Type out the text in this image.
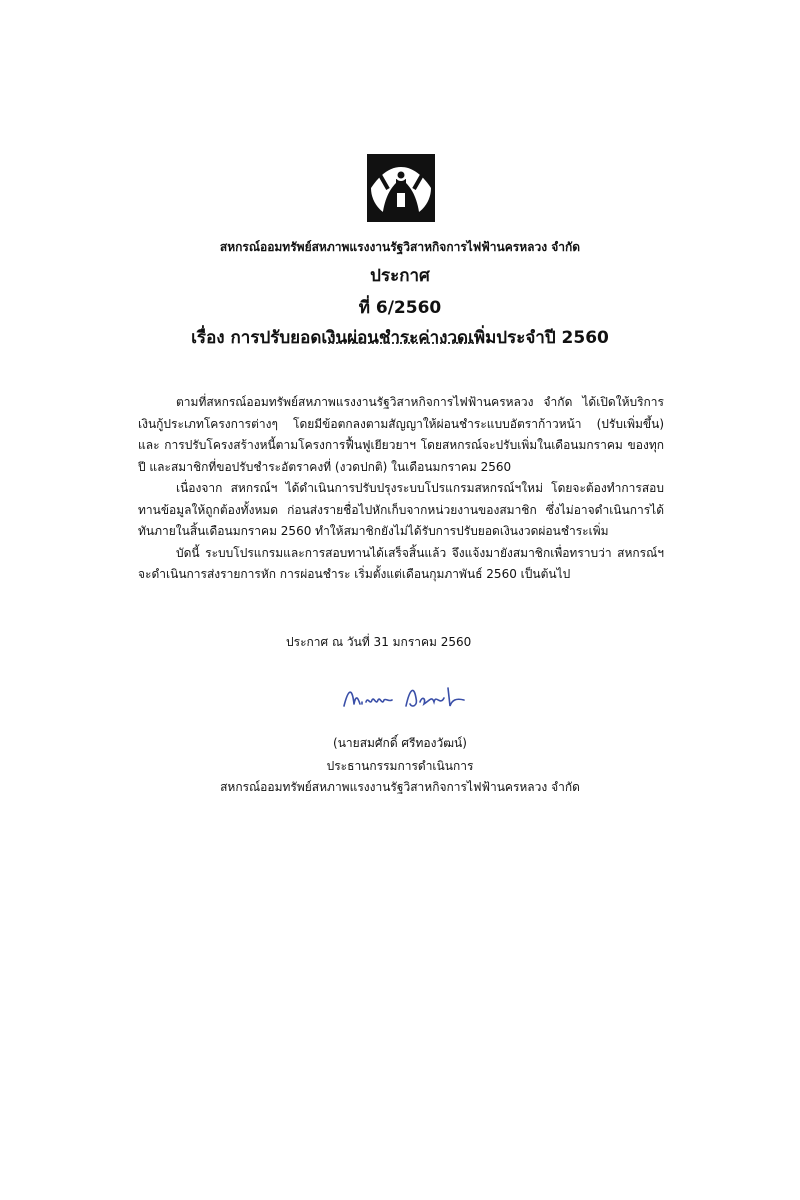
สหกรณ์ออมทรัพย์สหภาพแรงงานรัฐวิสาหกิจการไฟฟ้านครหลวง จำกัด
ประกาศ
ที่ 6/2560
เรื่อง การปรับยอดเงินผ่อนชำระค่างวดเพิ่มประจำปี 2560

ตามที่สหกรณ์ออมทรัพย์สหภาพแรงงานรัฐวิสาหกิจการไฟฟ้านครหลวง จำกัด ได้เปิดให้บริการเงินกู้ประเภทโครงการต่างๆ โดยมีข้อตกลงตามสัญญาให้ผ่อนชำระแบบอัตราก้าวหน้า (ปรับเพิ่มขึ้น) และ การปรับโครงสร้างหนี้ตามโครงการฟื้นฟูเยียวยาฯ โดยสหกรณ์จะปรับเพิ่มในเดือนมกราคม ของทุกปี และสมาชิกที่ขอปรับชำระอัตราคงที่ (งวดปกติ) ในเดือนมกราคม 2560

เนื่องจาก สหกรณ์ฯ ได้ดำเนินการปรับปรุงระบบโปรแกรมสหกรณ์ฯใหม่ โดยจะต้องทำการสอบทานข้อมูลให้ถูกต้องทั้งหมด ก่อนส่งรายชื่อไปหักเก็บจากหน่วยงานของสมาชิก ซึ่งไม่อาจดำเนินการได้ทันภายในสิ้นเดือนมกราคม 2560 ทำให้สมาชิกยังไม่ได้รับการปรับยอดเงินงวดผ่อนชำระเพิ่ม

บัดนี้ ระบบโปรแกรมและการสอบทานได้เสร็จสิ้นแล้ว จึงแจ้งมายังสมาชิกเพื่อทราบว่า สหกรณ์ฯ จะดำเนินการส่งรายการหัก การผ่อนชำระ เริ่มตั้งแต่เดือนกุมภาพันธ์ 2560 เป็นต้นไป

ประกาศ ณ วันที่ 31 มกราคม 2560
(นายสมศักดิ์ ศรีทองวัฒน์)
ประธานกรรมการดำเนินการ
สหกรณ์ออมทรัพย์สหภาพแรงงานรัฐวิสาหกิจการไฟฟ้านครหลวง จำกัด
